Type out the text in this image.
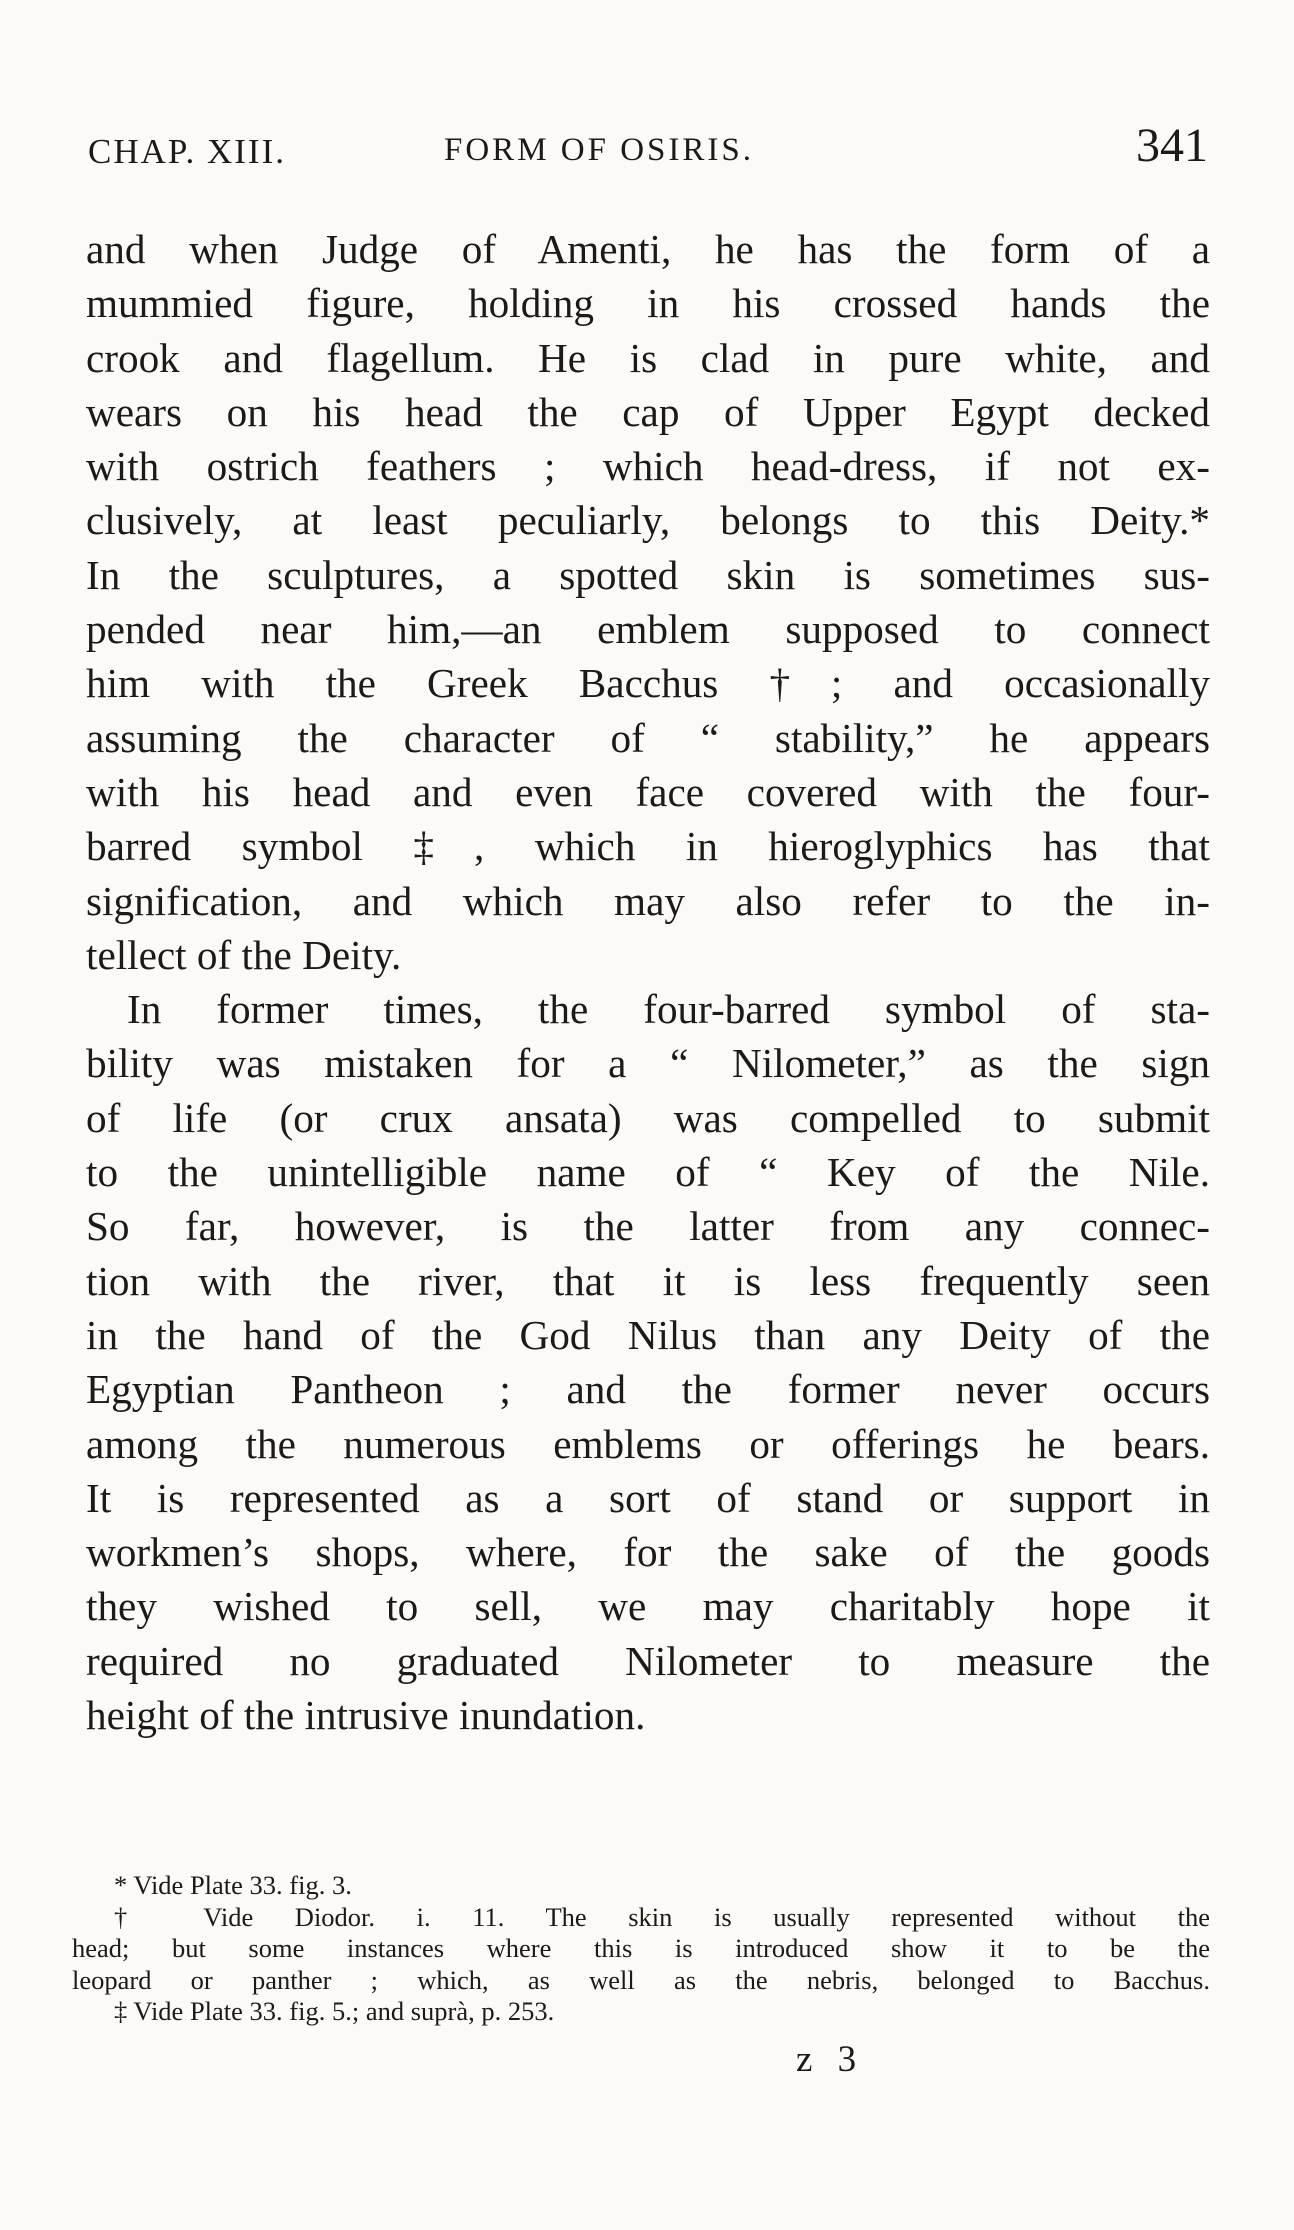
CHAP. XIII.	FORM OF OSIRIS.	341
and when Judge of Amenti, he has the form of a
mummied figure, holding in his crossed hands the
crook and flagellum. He is clad in pure white, and
wears on his head the cap of Upper Egypt decked
with ostrich feathers ; which head-dress, if not ex-
clusively, at least peculiarly, belongs to this Deity.*
In the sculptures, a spotted skin is sometimes sus-
pended near him,—an emblem supposed to connect
him with the Greek Bacchus †; and occasionally
assuming the character of “ stability,” he appears
with his head and even face covered with the four-
barred symbol ‡, which in hieroglyphics has that
signification, and which may also refer to the in-
tellect of the Deity.
In former times, the four-barred symbol of sta-
bility was mistaken for a “ Nilometer,” as the sign
of life (or crux ansata) was compelled to submit
to the unintelligible name of “ Key of the Nile.
So far, however, is the latter from any connec-
tion with the river, that it is less frequently seen
in the hand of the God Nilus than any Deity of the
Egyptian Pantheon ; and the former never occurs
among the numerous emblems or offerings he bears.
It is represented as a sort of stand or support in
workmen’s shops, where, for the sake of the goods
they wished to sell, we may charitably hope it
required no graduated Nilometer to measure the
height of the intrusive inundation.
* Vide Plate 33. fig. 3.
† Vide Diodor. i. 11. The skin is usually represented without the
head; but some instances where this is introduced show it to be the
leopard or panther ; which, as well as the nebris, belonged to Bacchus.
‡ Vide Plate 33. fig. 5.; and suprà, p. 253.
z 3
